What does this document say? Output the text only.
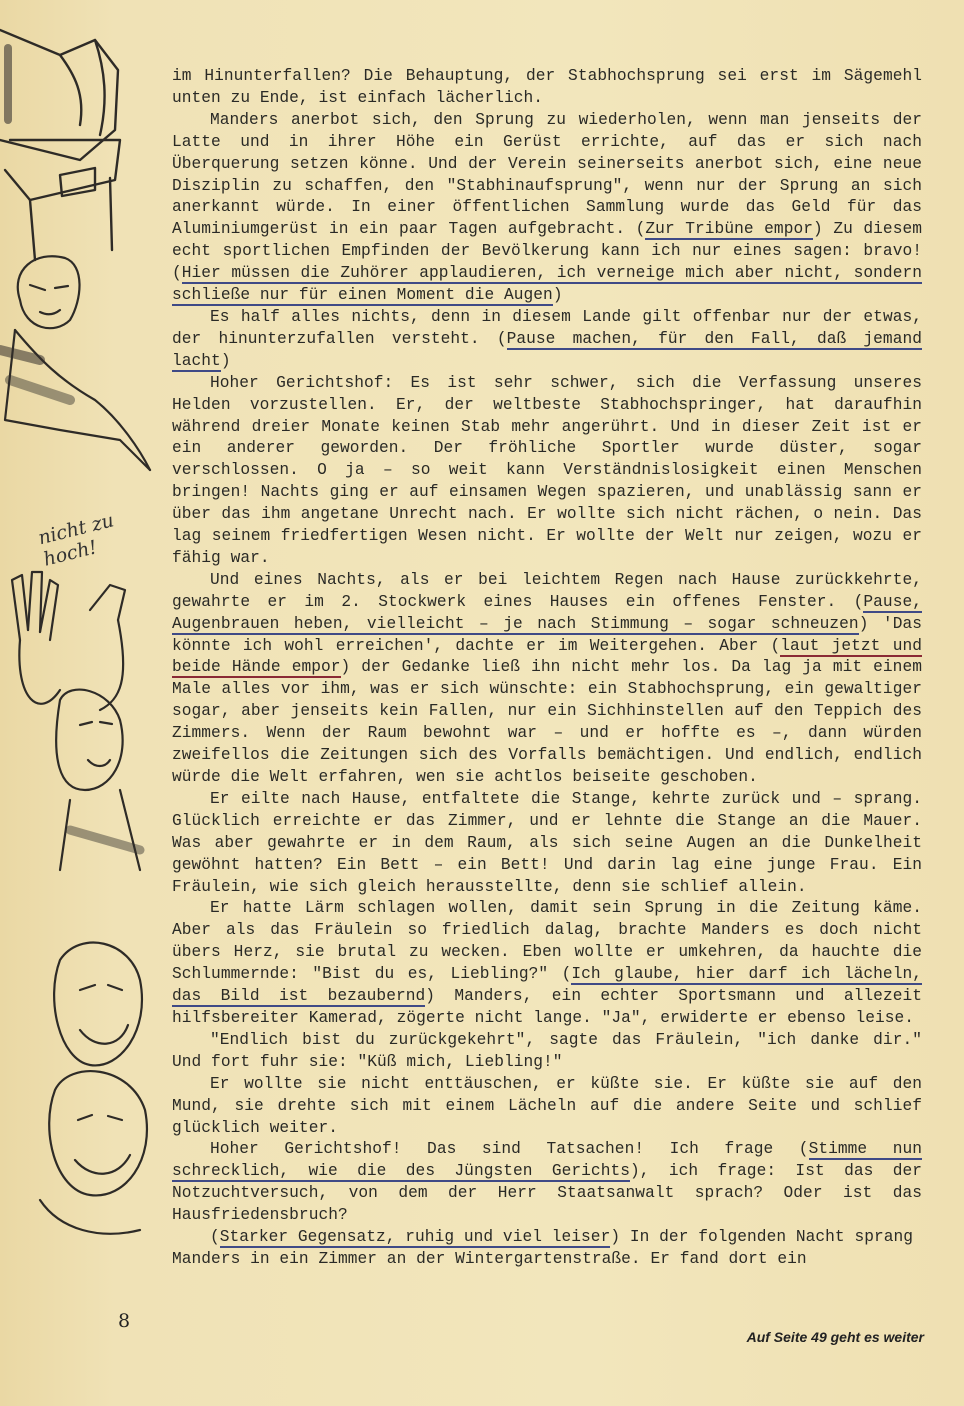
nicht zu hoch!

im Hinunterfallen? Die Behauptung, der Stabhochsprung sei erst im Sägemehl unten zu Ende, ist einfach lächerlich.

Manders anerbot sich, den Sprung zu wiederholen, wenn man jenseits der Latte und in ihrer Höhe ein Gerüst errichte, auf das er sich nach Überquerung setzen könne. Und der Verein seinerseits anerbot sich, eine neue Disziplin zu schaffen, den "Stabhinaufsprung", wenn nur der Sprung an sich anerkannt würde. In einer öffentlichen Sammlung wurde das Geld für das Aluminiumgerüst in ein paar Tagen aufgebracht. (Zur Tribüne empor) Zu diesem echt sportlichen Empfinden der Bevölkerung kann ich nur eines sagen: bravo! (Hier müssen die Zuhörer applaudieren, ich verneige mich aber nicht, sondern schließe nur für einen Moment die Augen)

Es half alles nichts, denn in diesem Lande gilt offenbar nur der etwas, der hinunterzufallen versteht. (Pause machen, für den Fall, daß jemand lacht)

Hoher Gerichtshof: Es ist sehr schwer, sich die Verfassung unseres Helden vorzustellen. Er, der weltbeste Stabhochspringer, hat daraufhin während dreier Monate keinen Stab mehr angerührt. Und in dieser Zeit ist er ein anderer geworden. Der fröhliche Sportler wurde düster, sogar verschlossen. O ja – so weit kann Verständnislosigkeit einen Menschen bringen! Nachts ging er auf einsamen Wegen spazieren, und unablässig sann er über das ihm angetane Unrecht nach. Er wollte sich nicht rächen, o nein. Das lag seinem friedfertigen Wesen nicht. Er wollte der Welt nur zeigen, wozu er fähig war.

Und eines Nachts, als er bei leichtem Regen nach Hause zurückkehrte, gewahrte er im 2. Stockwerk eines Hauses ein offenes Fenster. (Pause, Augenbrauen heben, vielleicht – je nach Stimmung – sogar schneuzen) 'Das könnte ich wohl erreichen', dachte er im Weitergehen. Aber (laut jetzt und beide Hände empor) der Gedanke ließ ihn nicht mehr los. Da lag ja mit einem Male alles vor ihm, was er sich wünschte: ein Stabhochsprung, ein gewaltiger sogar, aber jenseits kein Fallen, nur ein Sichhinstellen auf den Teppich des Zimmers. Wenn der Raum bewohnt war – und er hoffte es –, dann würden zweifellos die Zeitungen sich des Vorfalls bemächtigen. Und endlich, endlich würde die Welt erfahren, wen sie achtlos beiseite geschoben.

Er eilte nach Hause, entfaltete die Stange, kehrte zurück und – sprang. Glücklich erreichte er das Zimmer, und er lehnte die Stange an die Mauer. Was aber gewahrte er in dem Raum, als sich seine Augen an die Dunkelheit gewöhnt hatten? Ein Bett – ein Bett! Und darin lag eine junge Frau. Ein Fräulein, wie sich gleich herausstellte, denn sie schlief allein.

Er hatte Lärm schlagen wollen, damit sein Sprung in die Zeitung käme. Aber als das Fräulein so friedlich dalag, brachte Manders es doch nicht übers Herz, sie brutal zu wecken. Eben wollte er umkehren, da hauchte die Schlummernde: "Bist du es, Liebling?" (Ich glaube, hier darf ich lächeln, das Bild ist bezaubernd) Manders, ein echter Sportsmann und allezeit hilfsbereiter Kamerad, zögerte nicht lange. "Ja", erwiderte er ebenso leise.

"Endlich bist du zurückgekehrt", sagte das Fräulein, "ich danke dir." Und fort fuhr sie: "Küß mich, Liebling!"

Er wollte sie nicht enttäuschen, er küßte sie. Er küßte sie auf den Mund, sie drehte sich mit einem Lächeln auf die andere Seite und schlief glücklich weiter.

Hoher Gerichtshof! Das sind Tatsachen! Ich frage (Stimme nun schrecklich, wie die des Jüngsten Gerichts), ich frage: Ist das der Notzuchtversuch, von dem der Herr Staatsanwalt sprach? Oder ist das Hausfriedensbruch?

(Starker Gegensatz, ruhig und viel leiser) In der folgenden Nacht sprang Manders in ein Zimmer an der Wintergartenstraße. Er fand dort ein

8
Auf Seite 49 geht es weiter
